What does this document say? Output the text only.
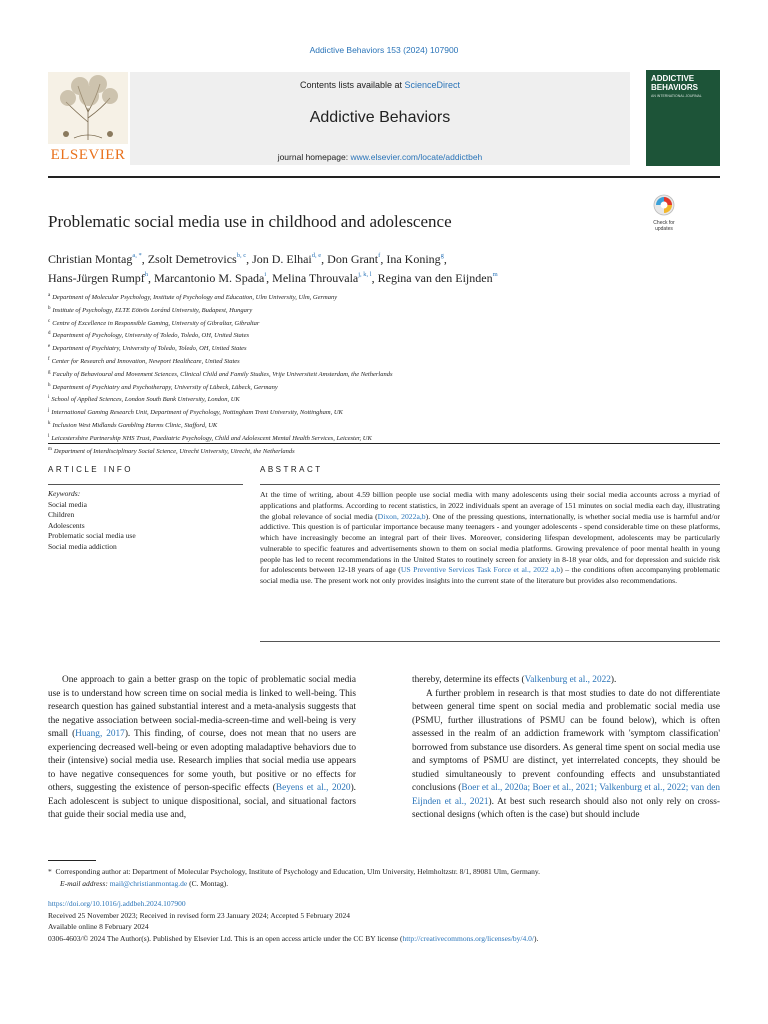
Addictive Behaviors 153 (2024) 107900
ELSEVIER
Contents lists available at ScienceDirect
Addictive Behaviors
journal homepage: www.elsevier.com/locate/addictbeh
ADDICTIVE BEHAVIORS
AN INTERNATIONAL JOURNAL
Problematic social media use in childhood and adolescence	Check for updates
Christian Montag$^{a, *}$, Zsolt Demetrovics$^{b, c}$, Jon D. Elhai$^{d, e}$, Don Grant$^f$, Ina Koning$^g$,
Hans-Jürgen Rumpf$^h$, Marcantonio M. Spada$^i$, Melina Throuvala$^{j, k, l}$, Regina van den Eijnden$^m$
$^a$ Department of Molecular Psychology, Institute of Psychology and Education, Ulm University, Ulm, Germany
$^b$ Institute of Psychology, ELTE Eötvös Loránd University, Budapest, Hungary
$^c$ Centre of Excellence in Responsible Gaming, University of Gibraltar, Gibraltar
$^d$ Department of Psychology, University of Toledo, Toledo, OH, United States
$^e$ Department of Psychiatry, University of Toledo, Toledo, OH, United States
$^f$ Center for Research and Innovation, Newport Healthcare, United States
$^g$ Faculty of Behavioural and Movement Sciences, Clinical Child and Family Studies, Vrije Universiteit Amsterdam, the Netherlands
$^h$ Department of Psychiatry and Psychotherapy, University of Lübeck, Lübeck, Germany
$^i$ School of Applied Sciences, London South Bank University, London, UK
$^j$ International Gaming Research Unit, Department of Psychology, Nottingham Trent University, Nottingham, UK
$^k$ Inclusion West Midlands Gambling Harms Clinic, Stafford, UK
$^l$ Leicestershire Partnership NHS Trust, Paediatric Psychology, Child and Adolescent Mental Health Services, Leicester, UK
$^m$ Department of Interdisciplinary Social Science, Utrecht University, Utrecht, the Netherlands
ARTICLE INFO	ABSTRACT
Keywords:
Social media
Children
Adolescents
Problematic social media use
Social media addiction
At the time of writing, about 4.59 billion people use social media with many adolescents using their social media accounts across a myriad of applications and platforms. According to recent statistics, in 2022 individuals spent an average of 151 minutes on social media each day, illustrating the global relevance of social media (Dixon, 2022a,b). One of the pressing questions, internationally, is whether social media use is harmful and/or addictive. This question is of particular importance because many teenagers - and younger adolescents - spend considerable time on these platforms, which have increasingly become an integral part of their lives. Moreover, considering lifespan development, adolescents may be particularly vulnerable to specific features and advertisements shown to them on social media platforms. Growing prevalence of poor mental health in young people has led to recent recommendations in the United States to routinely screen for anxiety in 8-18 year olds, and for depression and suicide risk for adolescents between 12-18 years of age (US Preventive Services Task Force et al., 2022 a,b) – the conditions often accompanying problematic social media use. The present work not only provides insights into the current state of the literature but provides also recommendations.

One approach to gain a better grasp on the topic of problematic social media use is to understand how screen time on social media is linked to well-being. This research question has gained substantial interest and a meta-analysis suggests that the negative association between social-media-screen-time and well-being is very small (Huang, 2017). This finding, of course, does not mean that no users are experiencing decreased well-being or even adopting maladaptive behaviors due to their (intensive) social media use. Research implies that social media use appears to have negative consequences for some youth, but positive or no effects for others, suggesting the existence of person-specific effects (Beyens et al., 2020). Each adolescent is subject to unique dispositional, social, and situational factors that guide their social media use and,

thereby, determine its effects (Valkenburg et al., 2022).

A further problem in research is that most studies to date do not differentiate between general time spent on social media and problematic social media use (PSMU, further illustrations of PSMU can be found below), which is often assessed in the realm of an addiction framework with 'symptom classification' borrowed from substance use disorders. As general time spent on social media use and symptoms of PSMU are distinct, yet interrelated concepts, they should be studied simultaneously to prevent confounding effects and unsubstantiated conclusions (Boer et al., 2020a; Boer et al., 2021; Valkenburg et al., 2022; van den Eijnden et al., 2021). At best such research should also not only rely on cross-sectional designs (which often is the case) but should include

* Corresponding author at: Department of Molecular Psychology, Institute of Psychology and Education, Ulm University, Helmholtzstr. 8/1, 89081 Ulm, Germany.
E-mail address: mail@christianmontag.de (C. Montag).
https://doi.org/10.1016/j.addbeh.2024.107900
Received 25 November 2023; Received in revised form 23 January 2024; Accepted 5 February 2024
Available online 8 February 2024
0306-4603/© 2024 The Author(s). Published by Elsevier Ltd. This is an open access article under the CC BY license (http://creativecommons.org/licenses/by/4.0/).
